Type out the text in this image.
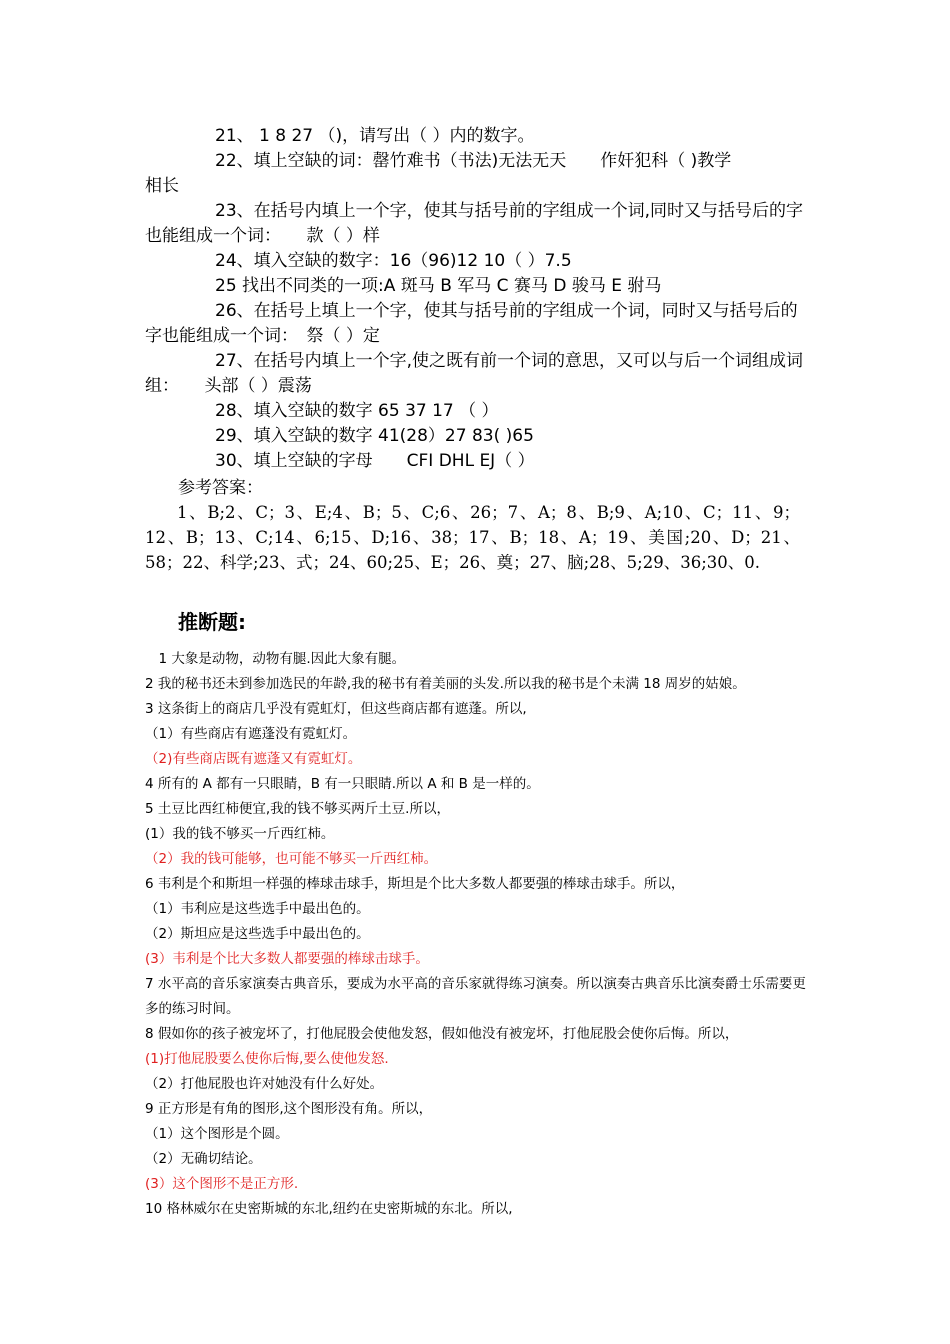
21、 1 8 27 （)，请写出（ ）内的数字。
22、填上空缺的词：罄竹难书（书法)无法无天　　作奸犯科（ )教学
相长
23、在括号内填上一个字，使其与括号前的字组成一个词,同时又与括号后的字也能组成一个词：　　款（ ）样
24、填入空缺的数字：16（96)12 10（ ）7.5
25 找出不同类的一项:A 斑马 B 军马 C 赛马 D 骏马 E 驸马
26、在括号上填上一个字，使其与括号前的字组成一个词，同时又与括号后的字也能组成一个词：　祭（ ）定
27、在括号内填上一个字,使之既有前一个词的意思，又可以与后一个词组成词组：　　头部（ ）震荡
28、填入空缺的数字 65 37 17 （ ）
29、填入空缺的数字 41(28）27 83( )65
30、填上空缺的字母　　CFI DHL EJ（ ）
参考答案：
1、B;2、C；3、E;4、B；5、C;6、26；7、A；8、B;9、A;10、C；11、9；12、B；13、C;14、6;15、D;16、38；17、B；18、A；19、美国;20、D；21、58；22、科学;23、式；24、60;25、E；26、奠；27、脑;28、5;29、36;30、0.
推断题:
　1 大象是动物，动物有腿.因此大象有腿。
2 我的秘书还未到参加选民的年龄,我的秘书有着美丽的头发.所以我的秘书是个未满 18 周岁的姑娘。
3 这条街上的商店几乎没有霓虹灯，但这些商店都有遮蓬。所以,
（1）有些商店有遮蓬没有霓虹灯。
（2)有些商店既有遮蓬又有霓虹灯。
4 所有的 A 都有一只眼睛，B 有一只眼睛.所以 A 和 B 是一样的。
5 土豆比西红柿便宜,我的钱不够买两斤土豆.所以，
(1）我的钱不够买一斤西红柿。
（2）我的钱可能够，也可能不够买一斤西红柿。
6 韦利是个和斯坦一样强的棒球击球手，斯坦是个比大多数人都要强的棒球击球手。所以，
（1）韦利应是这些选手中最出色的。
（2）斯坦应是这些选手中最出色的。
(3）韦利是个比大多数人都要强的棒球击球手。
7 水平高的音乐家演奏古典音乐，要成为水平高的音乐家就得练习演奏。所以演奏古典音乐比演奏爵士乐需要更多的练习时间。
8 假如你的孩子被宠坏了，打他屁股会使他发怒，假如他没有被宠坏，打他屁股会使你后悔。所以，
(1)打他屁股要么使你后悔,要么使他发怒.
（2）打他屁股也许对她没有什么好处。
9 正方形是有角的图形,这个图形没有角。所以，
（1）这个图形是个圆。
（2）无确切结论。
(3）这个图形不是正方形.
10 格林威尔在史密斯城的东北,纽约在史密斯城的东北。所以,
